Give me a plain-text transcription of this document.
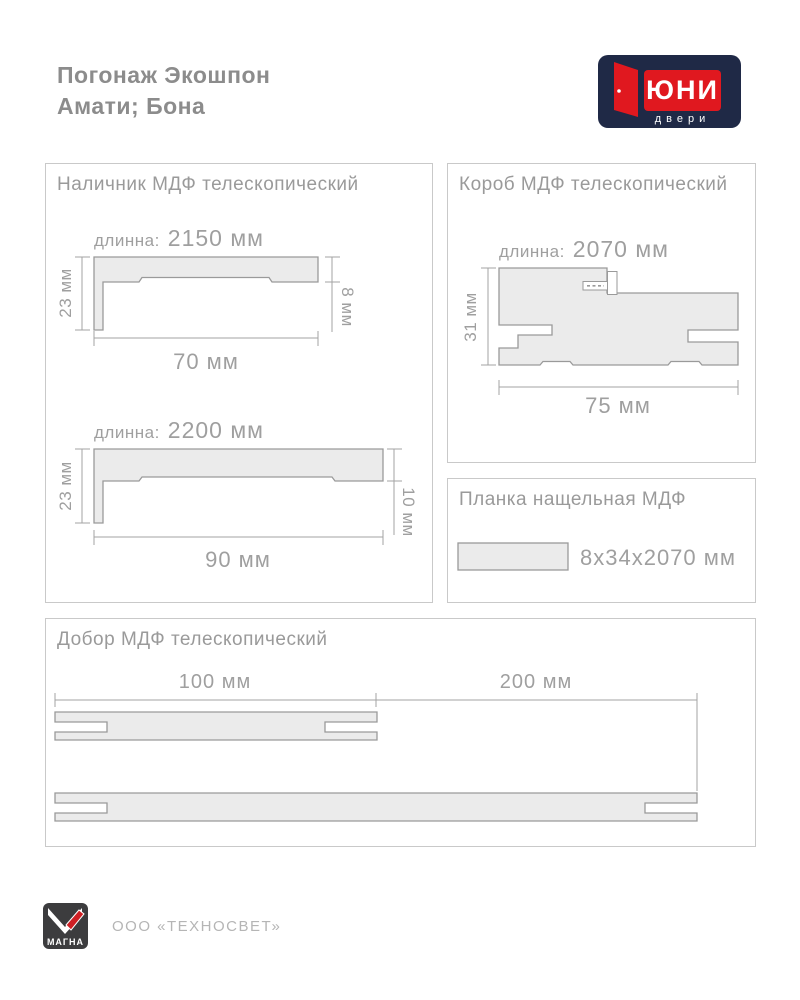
Погонаж Экошпон
Амати; Бона
ЮНИ
двери
Наличник МДФ телескопический	Короб МДФ телескопический
Планка нащельная МДФ
Добор МДФ телескопический
длинна: 2150 мм
23 мм	8 мм
70 мм
длинна: 2200 мм
23 мм
10 мм
90 мм
длинна: 2070 мм
31 мм
75 мм
8x34x2070 мм
100 мм	200 мм
МАГНА
ООО «ТЕХНОСВЕТ»
